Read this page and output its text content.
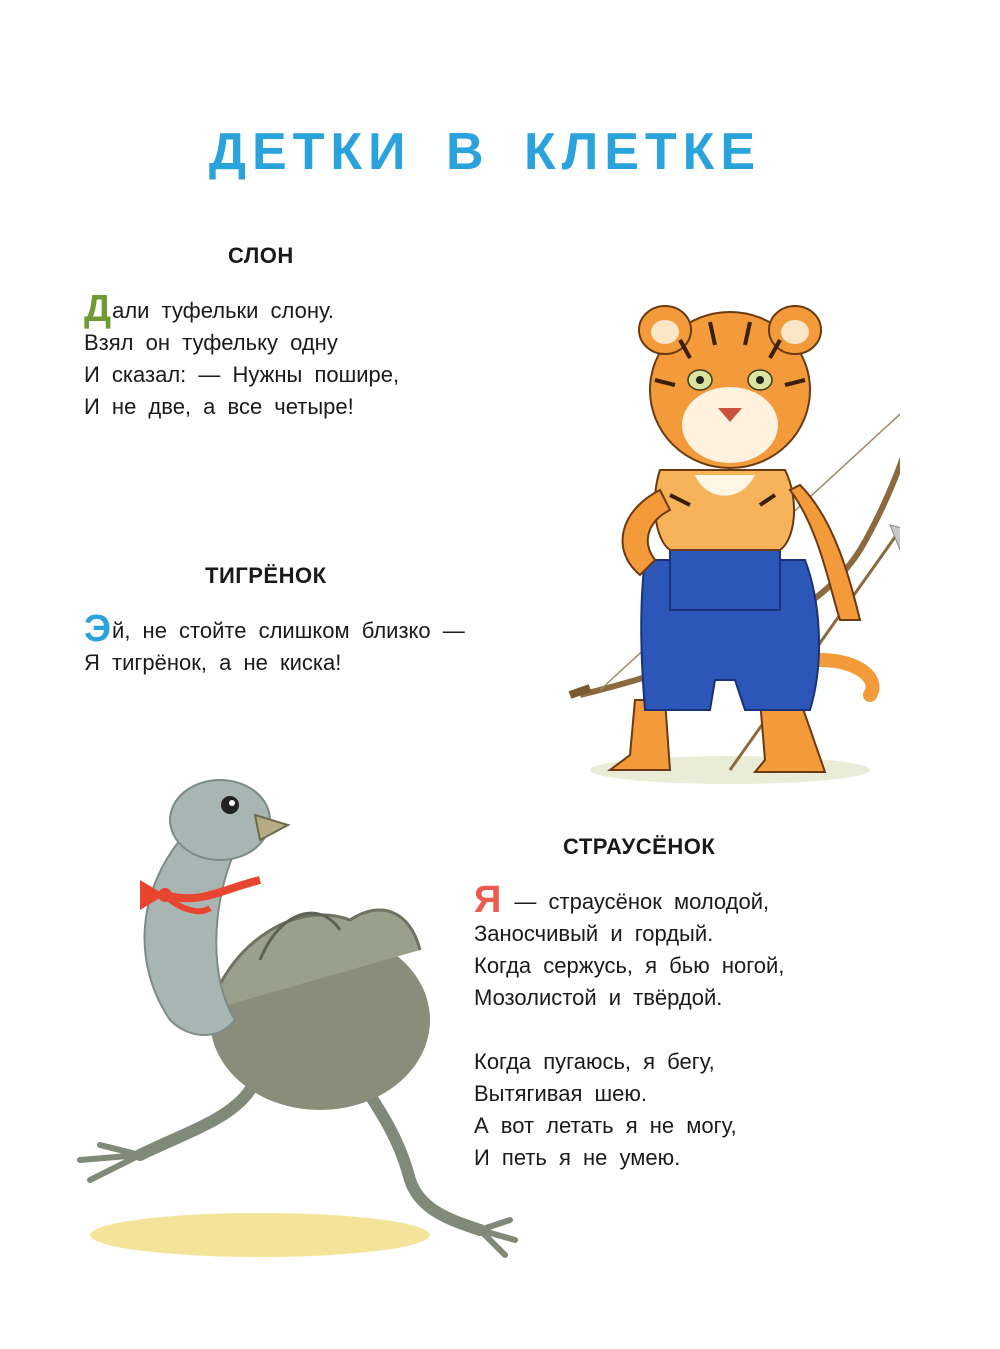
ДЕТКИ В КЛЕТКЕ
СЛОН
Дали туфельки слону.
Взял он туфельку одну
И сказал: — Нужны пошире,
И не две, а все четыре!
ТИГРЁНОК
Эй, не стойте слишком близко —
Я тигрёнок, а не киска!
СТРАУСЁНОК
Я — страусёнок молодой,
Заносчивый и гордый.
Когда сержусь, я бью ногой,
Мозолистой и твёрдой.

Когда пугаюсь, я бегу,
Вытягивая шею.
А вот летать я не могу,
И петь я не умею.
